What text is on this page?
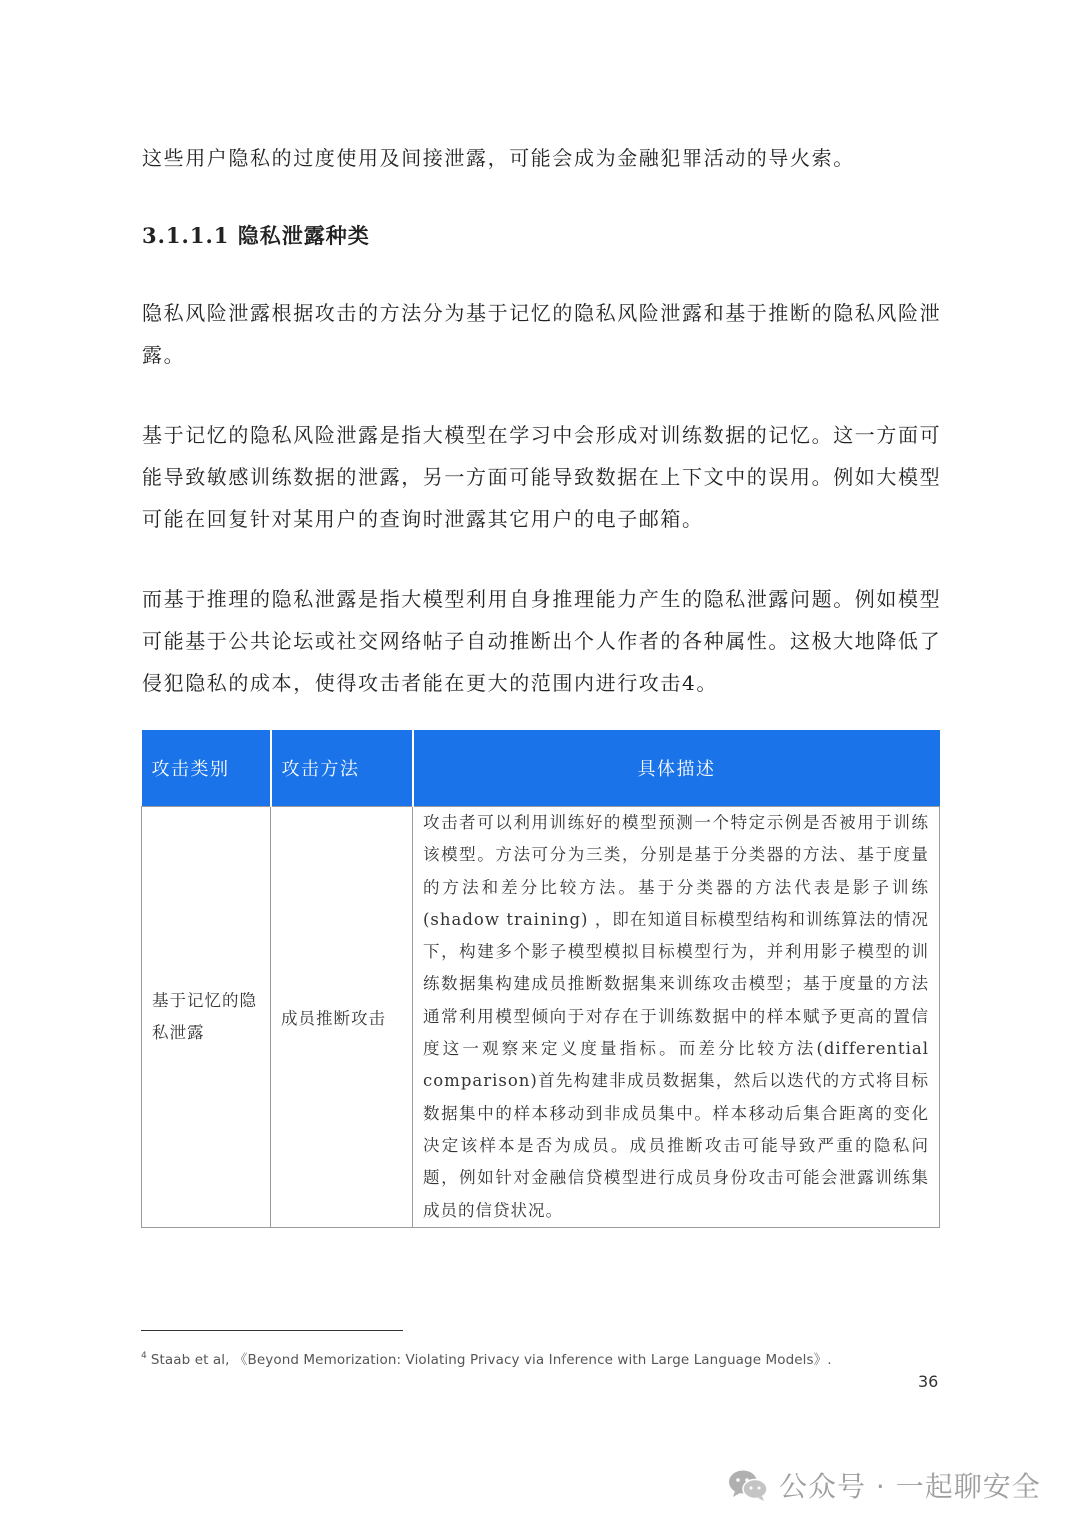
这些用户隐私的过度使用及间接泄露，可能会成为金融犯罪活动的导火索。

3.1.1.1 隐私泄露种类

隐私风险泄露根据攻击的方法分为基于记忆的隐私风险泄露和基于推断的隐私风险泄露。

基于记忆的隐私风险泄露是指大模型在学习中会形成对训练数据的记忆。这一方面可能导致敏感训练数据的泄露，另一方面可能导致数据在上下文中的误用。例如大模型可能在回复针对某用户的查询时泄露其它用户的电子邮箱。

而基于推理的隐私泄露是指大模型利用自身推理能力产生的隐私泄露问题。例如模型可能基于公共论坛或社交网络帖子自动推断出个人作者的各种属性。这极大地降低了侵犯隐私的成本，使得攻击者能在更大的范围内进行攻击4。

攻击类别	攻击方法	具体描述
基于记忆的隐私泄露	成员推断攻击	攻击者可以利用训练好的模型预测一个特定示例是否被用于训练该模型。方法可分为三类，分别是基于分类器的方法、基于度量的方法和差分比较方法。基于分类器的方法代表是影子训练(shadow training) ，即在知道目标模型结构和训练算法的情况下，构建多个影子模型模拟目标模型行为，并利用影子模型的训练数据集构建成员推断数据集来训练攻击模型；基于度量的方法通常利用模型倾向于对存在于训练数据中的样本赋予更高的置信度这一观察来定义度量指标。而差分比较方法(differential comparison)首先构建非成员数据集，然后以迭代的方式将目标数据集中的样本移动到非成员集中。样本移动后集合距离的变化决定该样本是否为成员。成员推断攻击可能导致严重的隐私问题，例如针对金融信贷模型进行成员身份攻击可能会泄露训练集成员的信贷状况。
$^4$ Staab et al, 《Beyond Memorization: Violating Privacy via Inference with Large Language Models》.
36
公众号 · 一起聊安全
